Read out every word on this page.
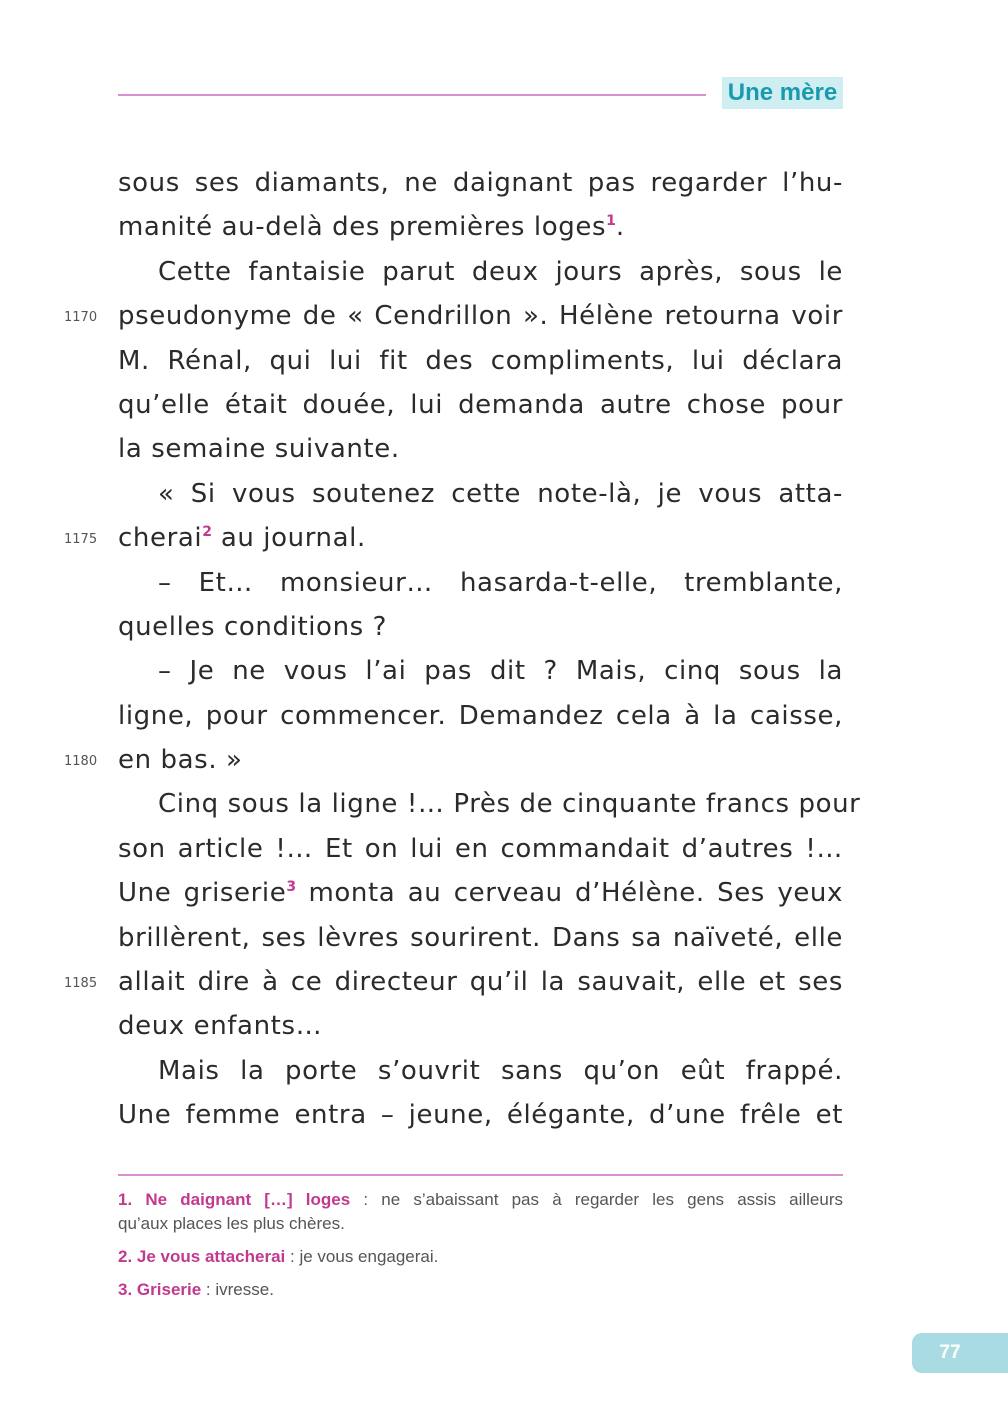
Une mère
sous ses diamants, ne daignant pas regarder l’hu-
manité au-delà des premières loges$^1$.
Cette fantaisie parut deux jours après, sous le
1170 pseudonyme de « Cendrillon ». Hélène retourna voir
M. Rénal, qui lui fit des compliments, lui déclara
qu’elle était douée, lui demanda autre chose pour
la semaine suivante.
« Si vous soutenez cette note-là, je vous atta-
1175 cherai$^2$ au journal.
– Et… monsieur… hasarda-t-elle, tremblante,
quelles conditions ?
– Je ne vous l’ai pas dit ? Mais, cinq sous la
ligne, pour commencer. Demandez cela à la caisse,
1180 en bas. »
Cinq sous la ligne !… Près de cinquante francs pour
son article !… Et on lui en commandait d’autres !…
Une griserie$^3$ monta au cerveau d’Hélène. Ses yeux
brillèrent, ses lèvres sourirent. Dans sa naïveté, elle
1185 allait dire à ce directeur qu’il la sauvait, elle et ses
deux enfants…
Mais la porte s’ouvrit sans qu’on eût frappé.
Une femme entra – jeune, élégante, d’une frêle et
1. Ne daignant […] loges : ne s’abaissant pas à regarder les gens assis ailleurs
qu’aux places les plus chères.
2. Je vous attacherai : je vous engagerai.
3. Griserie : ivresse.
77
